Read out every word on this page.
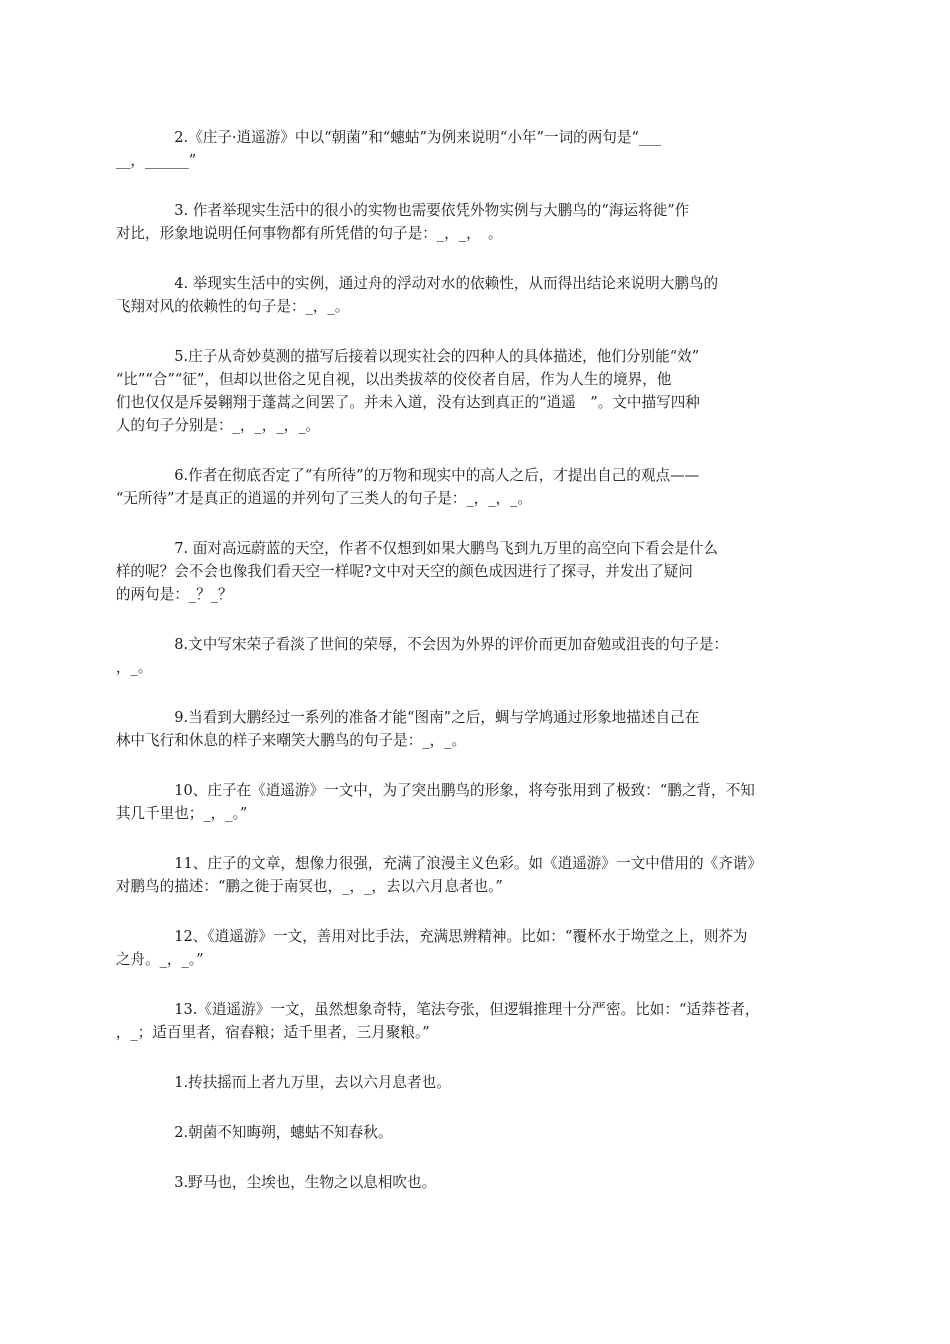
2.《庄子·逍遥游》中以“朝菌”和“蟪蛄”为例来说明“小年”一词的两句是“___
__，______”

3. 作者举现实生活中的很小的实物也需要依凭外物实例与大鹏鸟的“海运将徙”作
对比，形象地说明任何事物都有所凭借的句子是：_，_，　。

4. 举现实生活中的实例，通过舟的浮动对水的依赖性，从而得出结论来说明大鹏鸟的
飞翔对风的依赖性的句子是：_，_。

5.庄子从奇妙莫测的描写后接着以现实社会的四种人的具体描述，他们分别能“效”
“比”“合”“征”，但却以世俗之见自视，以出类拔萃的佼佼者自居，作为人生的境界，他
们也仅仅是斥晏翱翔于蓬蒿之间罢了。并未入道，没有达到真正的“逍遥　”。文中描写四种
人的句子分别是：_，_，_，_。

6.作者在彻底否定了“有所待”的万物和现实中的高人之后，才提出自己的观点——
“无所待”才是真正的逍遥的并列句了三类人的句子是：_，_，_。

7. 面对高远蔚蓝的天空，作者不仅想到如果大鹏鸟飞到九万里的高空向下看会是什么
样的呢？会不会也像我们看天空一样呢?文中对天空的颜色成因进行了探寻，并发出了疑问
的两句是：_？_？

8.文中写宋荣子看淡了世间的荣辱，不会因为外界的评价而更加奋勉或沮丧的句子是：
，_。

9.当看到大鹏经过一系列的准备才能“图南”之后，蜩与学鸠通过形象地描述自己在
林中飞行和休息的样子来嘲笑大鹏鸟的句子是：_，_。

10、庄子在《逍遥游》一文中，为了突出鹏鸟的形象，将夸张用到了极致：“鹏之背，不知
其几千里也；_，_。”

11、庄子的文章，想像力很强，充满了浪漫主义色彩。如《逍遥游》一文中借用的《齐谐》
对鹏鸟的描述：“鹏之徙于南冥也，_，_，去以六月息者也。”

12、《逍遥游》一文，善用对比手法，充满思辨精神。比如：“覆杯水于坳堂之上，则芥为
之舟。_，_。”

13.《逍遥游》一文，虽然想象奇特，笔法夸张，但逻辑推理十分严密。比如：“适莽苍者，
，_；适百里者，宿舂粮；适千里者，三月聚粮。”

1.抟扶摇而上者九万里，去以六月息者也。

2.朝菌不知晦朔，蟪蛄不知春秋。

3.野马也，尘埃也，生物之以息相吹也。
